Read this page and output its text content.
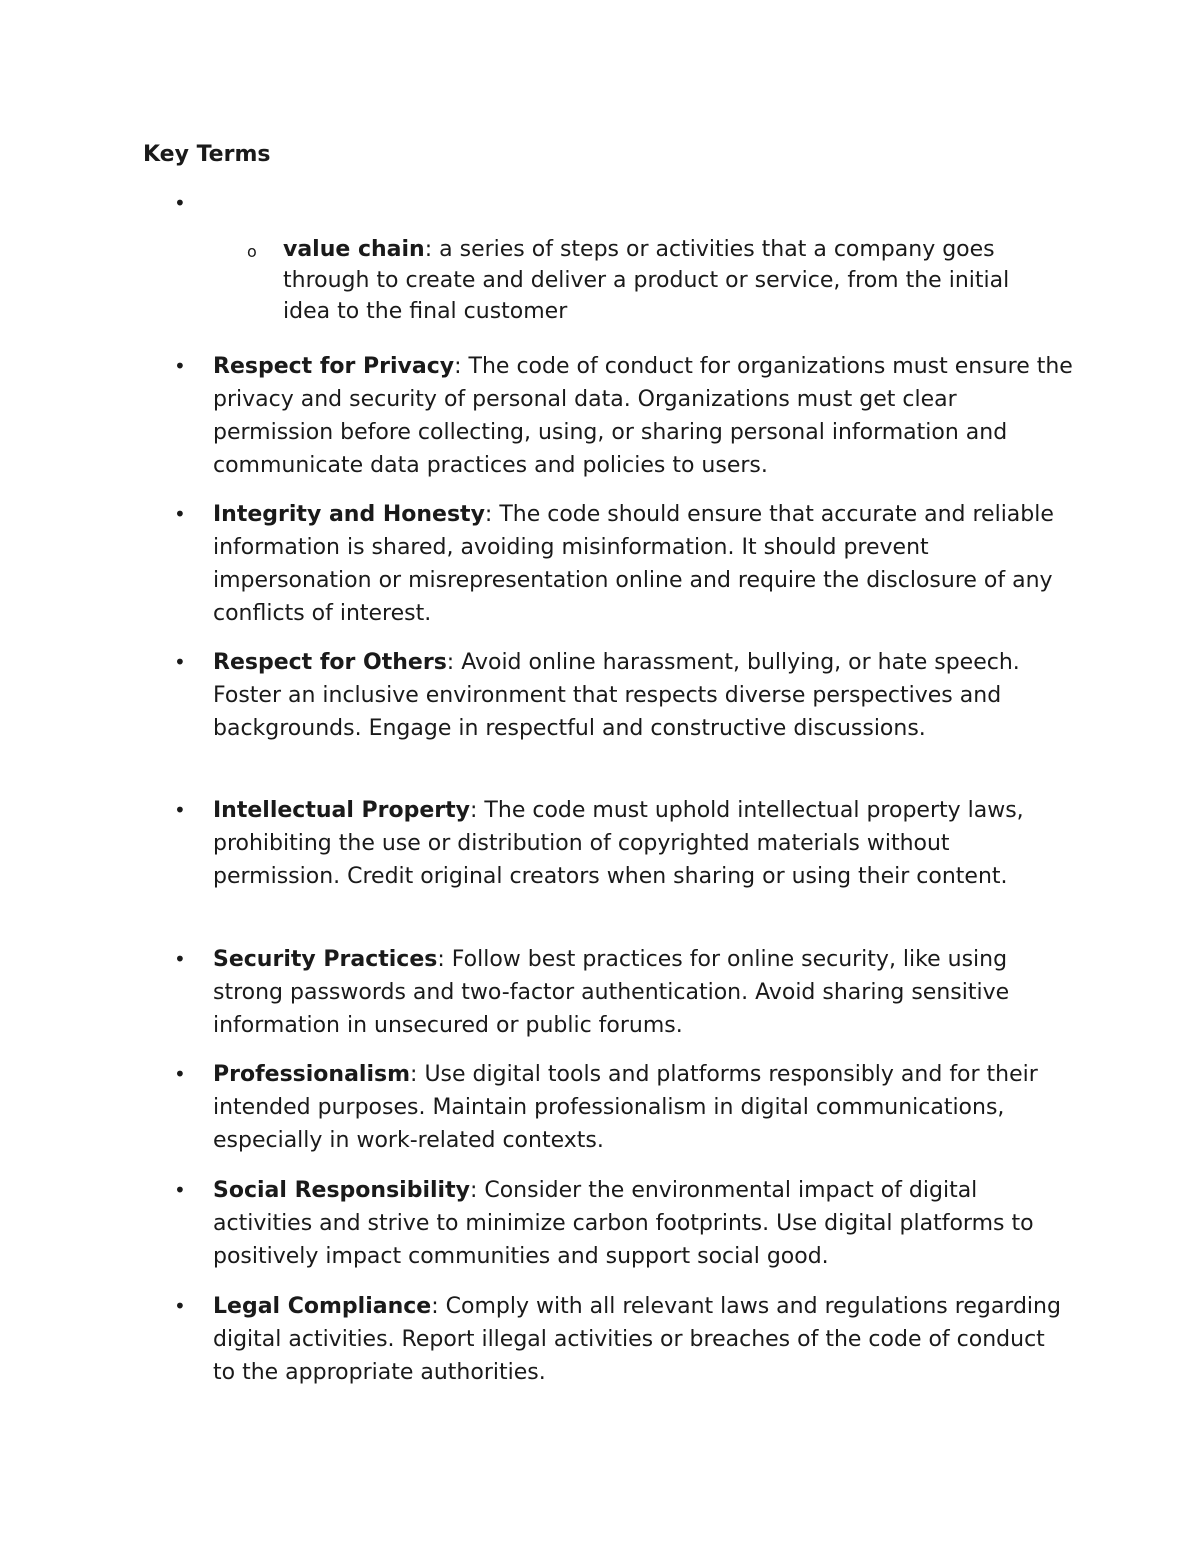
Key Terms
•
o value chain: a series of steps or activities that a company goes through to create and deliver a product or service, from the initial idea to the final customer
• Respect for Privacy: The code of conduct for organizations must ensure the privacy and security of personal data. Organizations must get clear permission before collecting, using, or sharing personal information and communicate data practices and policies to users.
• Integrity and Honesty: The code should ensure that accurate and reliable information is shared, avoiding misinformation. It should prevent impersonation or misrepresentation online and require the disclosure of any conflicts of interest.
• Respect for Others: Avoid online harassment, bullying, or hate speech. Foster an inclusive environment that respects diverse perspectives and backgrounds. Engage in respectful and constructive discussions.
• Intellectual Property: The code must uphold intellectual property laws, prohibiting the use or distribution of copyrighted materials without permission. Credit original creators when sharing or using their content.
• Security Practices: Follow best practices for online security, like using strong passwords and two-factor authentication. Avoid sharing sensitive information in unsecured or public forums.
• Professionalism: Use digital tools and platforms responsibly and for their intended purposes. Maintain professionalism in digital communications, especially in work-related contexts.
• Social Responsibility: Consider the environmental impact of digital activities and strive to minimize carbon footprints. Use digital platforms to positively impact communities and support social good.
• Legal Compliance: Comply with all relevant laws and regulations regarding digital activities. Report illegal activities or breaches of the code of conduct to the appropriate authorities.
